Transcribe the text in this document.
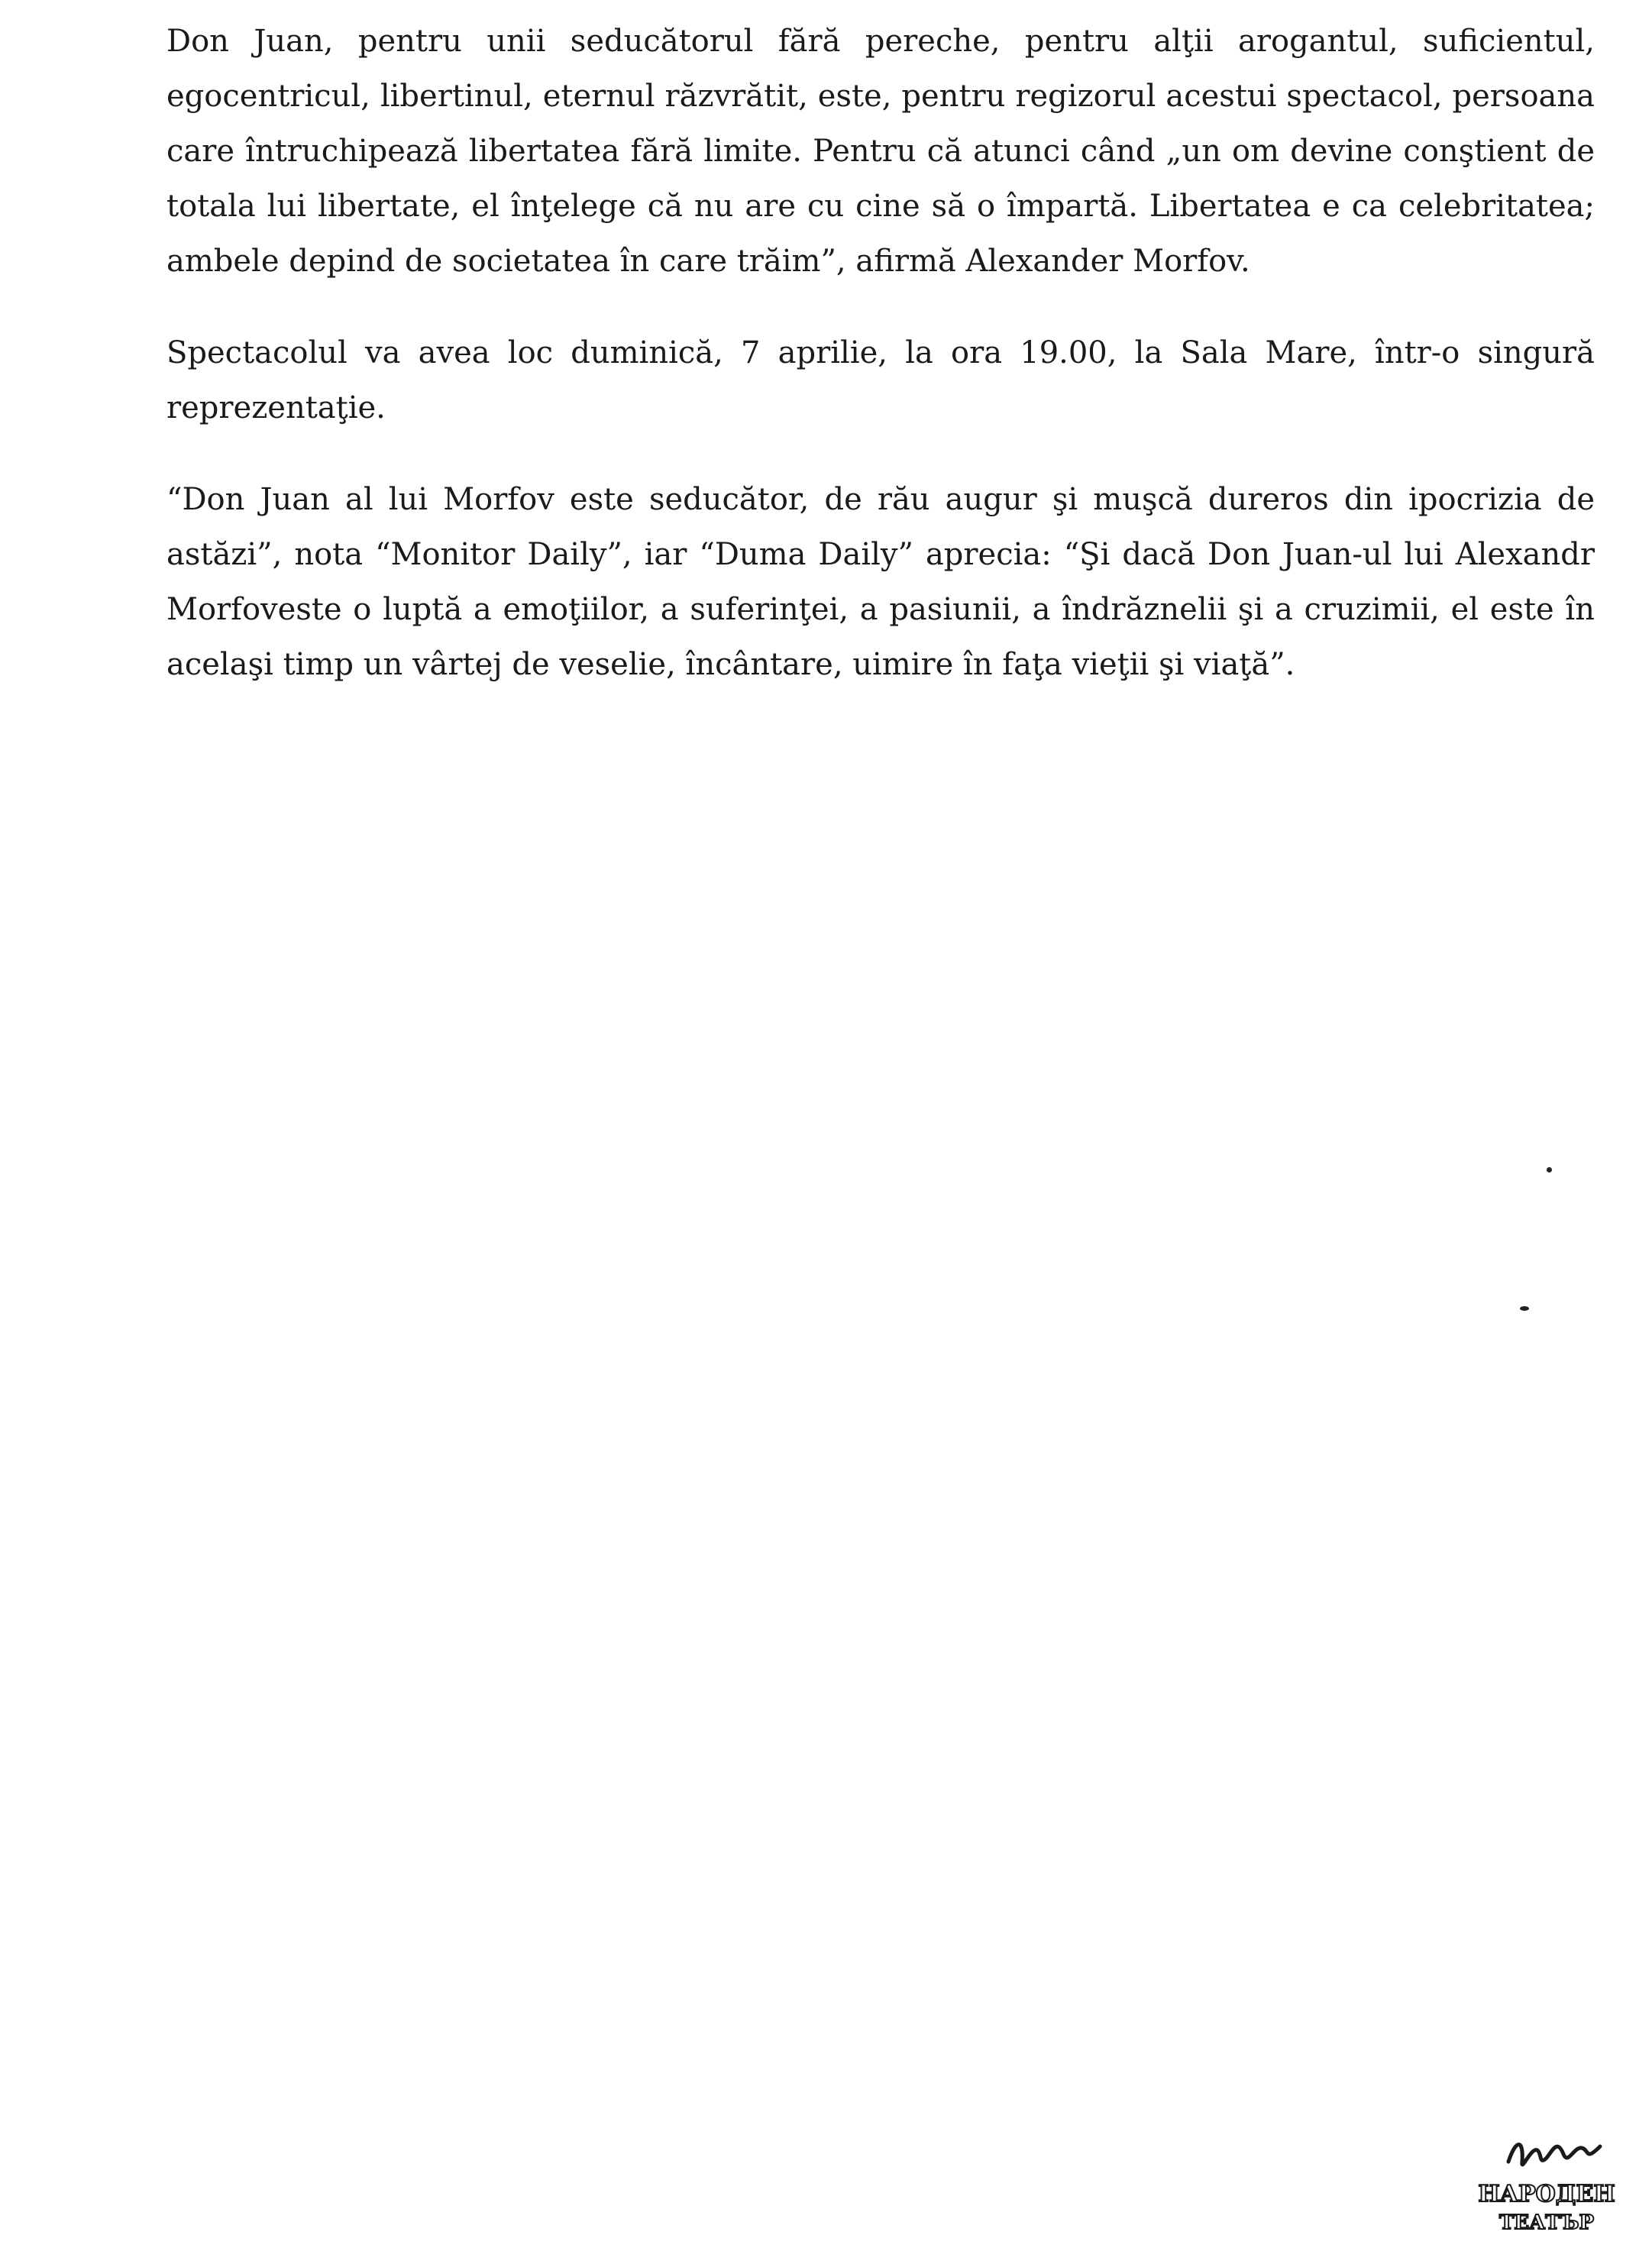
Don Juan, pentru unii seducătorul fără pereche, pentru alţii arogantul, suficientul, egocentricul, libertinul, eternul răzvrătit, este, pentru regizorul acestui spectacol, persoana care întruchipează libertatea fără limite. Pentru că atunci când „un om devine conştient de totala lui libertate, el înţelege că nu are cu cine să o împartă. Libertatea e ca celebritatea; ambele depind de societatea în care trăim”, afirmă Alexander Morfov.

Spectacolul va avea loc duminică, 7 aprilie, la ora 19.00, la Sala Mare, într-o singură reprezentaţie.

“Don Juan al lui Morfov este seducător, de rău augur şi muşcă dureros din ipocrizia de astăzi”, nota “Monitor Daily”, iar “Duma Daily” aprecia: “Şi dacă Don Juan-ul lui Alexandr Morfoveste o luptă a emoţiilor, a suferinţei, a pasiunii, a îndrăznelii şi a cruzimii, el este în acelaşi timp un vârtej de veselie, încântare, uimire în faţa vieţii şi viaţă”.

НАРОДЕН
ТЕАТЪР
